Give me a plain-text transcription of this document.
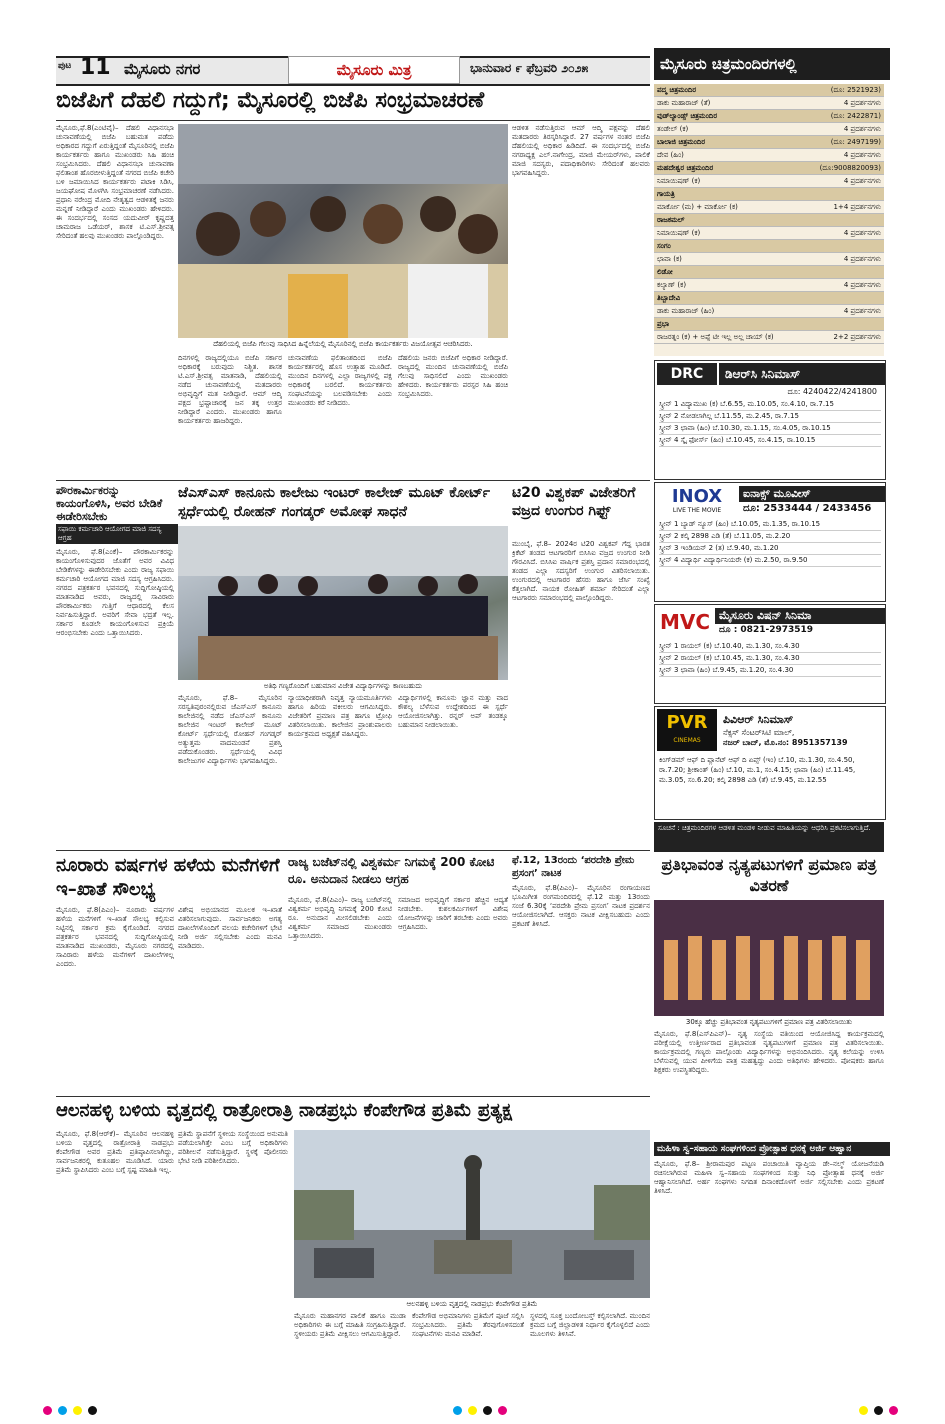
ಪುಟ 11 ಮೈಸೂರು ನಗರ	ಮೈಸೂರು ಮಿತ್ರ	ಭಾನುವಾರ ೯ ಫೆಬ್ರವರಿ ೨೦೨೫	ಮೈಸೂರು ಚಿತ್ರಮಂದಿರಗಳಲ್ಲಿ
ಬಿಜೆಪಿಗೆ ದೆಹಲಿ ಗದ್ದುಗೆ; ಮೈಸೂರಲ್ಲಿ ಬಿಜೆಪಿ ಸಂಭ್ರಮಾಚರಣೆ
ಮೈಸೂರು,ಫೆ.8(ಎಂಟಿವೈ)– ದೆಹಲಿ ವಿಧಾನಸಭಾ ಚುನಾವಣೆಯಲ್ಲಿ ಬಿಜೆಪಿ ಬಹುಮತ ಪಡೆದು ಅಧಿಕಾರದ ಗದ್ದುಗೆ ಏರುತ್ತಿದ್ದಂತೆ ಮೈಸೂರಿನಲ್ಲಿ ಬಿಜೆಪಿ ಕಾರ್ಯಕರ್ತರು ಹಾಗೂ ಮುಖಂಡರು ಸಿಹಿ ಹಂಚಿ ಸಂಭ್ರಮಿಸಿದರು. ದೆಹಲಿ ವಿಧಾನಸಭಾ ಚುನಾವಣಾ ಫಲಿತಾಂಶ ಹೊರಬೀಳುತ್ತಿದ್ದಂತೆ ನಗರದ ಬಿಜೆಪಿ ಕಚೇರಿ ಬಳಿ ಜಮಾಯಿಸಿದ ಕಾರ್ಯಕರ್ತರು ಪಟಾಕಿ ಸಿಡಿಸಿ, ಜಯಘೋಷ ಮೊಳಗಿಸಿ ಸಂಭ್ರಮಾಚರಣೆ ನಡೆಸಿದರು. ಪ್ರಧಾನಿ ನರೇಂದ್ರ ಮೋದಿ ನೇತೃತ್ವದ ಆಡಳಿತಕ್ಕೆ ಜನರು ಮನ್ನಣೆ ನೀಡಿದ್ದಾರೆ ಎಂದು ಮುಖಂಡರು ಹೇಳಿದರು. ಈ ಸಂದರ್ಭದಲ್ಲಿ ಸಂಸದ ಯದುವೀರ್ ಕೃಷ್ಣದತ್ತ ಚಾಮರಾಜ ಒಡೆಯರ್, ಶಾಸಕ ಟಿ.ಎಸ್.ಶ್ರೀವತ್ಸ ಸೇರಿದಂತೆ ಹಲವು ಮುಖಂಡರು ಪಾಲ್ಗೊಂಡಿದ್ದರು.
ದೆಹಲಿಯಲ್ಲಿ ಬಿಜೆಪಿ ಗೆಲುವು ಸಾಧಿಸಿದ ಹಿನ್ನೆಲೆಯಲ್ಲಿ ಮೈಸೂರಿನಲ್ಲಿ ಬಿಜೆಪಿ ಕಾರ್ಯಕರ್ತರು ವಿಜಯೋತ್ಸವ ಆಚರಿಸಿದರು.
ಆಡಳಿತ ನಡೆಸುತ್ತಿರುವ ಆಮ್ ಆದ್ಮಿ ಪಕ್ಷವನ್ನು ದೆಹಲಿ ಮತದಾರರು ತಿರಸ್ಕರಿಸಿದ್ದಾರೆ. 27 ವರ್ಷಗಳ ನಂತರ ಬಿಜೆಪಿ ದೆಹಲಿಯಲ್ಲಿ ಅಧಿಕಾರ ಹಿಡಿದಿದೆ. ಈ ಸಂದರ್ಭದಲ್ಲಿ ಬಿಜೆಪಿ ನಗರಾಧ್ಯಕ್ಷ ಎಲ್.ನಾಗೇಂದ್ರ, ಮಾಜಿ ಮೇಯರ್‌ಗಳು, ಪಾಲಿಕೆ ಮಾಜಿ ಸದಸ್ಯರು, ಪದಾಧಿಕಾರಿಗಳು ಸೇರಿದಂತೆ ಹಲವರು ಭಾಗವಹಿಸಿದ್ದರು.
ದಿನಗಳಲ್ಲಿ ರಾಜ್ಯದಲ್ಲಿಯೂ ಬಿಜೆಪಿ ಸರ್ಕಾರ ಅಧಿಕಾರಕ್ಕೆ ಬರುವುದು ನಿಶ್ಚಿತ. ಶಾಸಕ ಟಿ.ಎಸ್.ಶ್ರೀವತ್ಸ ಮಾತನಾಡಿ, ದೆಹಲಿಯಲ್ಲಿ ನಡೆದ ಚುನಾವಣೆಯಲ್ಲಿ ಮತದಾರರು ಅಭಿವೃದ್ಧಿಗೆ ಮತ ನೀಡಿದ್ದಾರೆ. ಆಮ್ ಆದ್ಮಿ ಪಕ್ಷದ ಭ್ರಷ್ಟಾಚಾರಕ್ಕೆ ಜನ ತಕ್ಕ ಉತ್ತರ ನೀಡಿದ್ದಾರೆ ಎಂದರು. ಮುಖಂಡರು ಹಾಗೂ ಕಾರ್ಯಕರ್ತರು ಹಾಜರಿದ್ದರು.
ಚುನಾವಣೆಯ ಫಲಿತಾಂಶದಿಂದ ಬಿಜೆಪಿ ಕಾರ್ಯಕರ್ತರಲ್ಲಿ ಹೊಸ ಉತ್ಸಾಹ ಮೂಡಿದೆ. ಮುಂದಿನ ದಿನಗಳಲ್ಲಿ ಎಲ್ಲಾ ರಾಜ್ಯಗಳಲ್ಲಿ ಪಕ್ಷ ಅಧಿಕಾರಕ್ಕೆ ಬರಲಿದೆ. ಕಾರ್ಯಕರ್ತರು ಸಂಘಟನೆಯನ್ನು ಬಲಪಡಿಸಬೇಕು ಎಂದು ಮುಖಂಡರು ಕರೆ ನೀಡಿದರು.
ದೆಹಲಿಯ ಜನರು ಬಿಜೆಪಿಗೆ ಅಧಿಕಾರ ನೀಡಿದ್ದಾರೆ. ರಾಜ್ಯದಲ್ಲಿ ಮುಂದಿನ ಚುನಾವಣೆಯಲ್ಲಿ ಬಿಜೆಪಿ ಗೆಲುವು ಸಾಧಿಸಲಿದೆ ಎಂದು ಮುಖಂಡರು ಹೇಳಿದರು. ಕಾರ್ಯಕರ್ತರು ಪರಸ್ಪರ ಸಿಹಿ ಹಂಚಿ ಸಂಭ್ರಮಿಸಿದರು.
ಪೌರಕಾರ್ಮಿಕರನ್ನು ಕಾಯಂಗೊಳಿಸಿ, ಅವರ ಬೇಡಿಕೆ ಈಡೇರಿಸಬೇಕು
ಸಫಾಯಿ ಕರ್ಮಚಾರಿ ಆಯೋಗದ ಮಾಜಿ ಸದಸ್ಯ ಆಗ್ರಹ
ಮೈಸೂರು, ಫೆ.8(ಎಂಕೆ)– ಪೌರಕಾರ್ಮಿಕರನ್ನು ಕಾಯಂಗೊಳಿಸುವುದರ ಜೊತೆಗೆ ಅವರ ವಿವಿಧ ಬೇಡಿಕೆಗಳನ್ನು ಈಡೇರಿಸಬೇಕು ಎಂದು ರಾಜ್ಯ ಸಫಾಯಿ ಕರ್ಮಚಾರಿ ಆಯೋಗದ ಮಾಜಿ ಸದಸ್ಯ ಆಗ್ರಹಿಸಿದರು. ನಗರದ ಪತ್ರಕರ್ತರ ಭವನದಲ್ಲಿ ಸುದ್ದಿಗೋಷ್ಠಿಯಲ್ಲಿ ಮಾತನಾಡಿದ ಅವರು, ರಾಜ್ಯದಲ್ಲಿ ಸಾವಿರಾರು ಪೌರಕಾರ್ಮಿಕರು ಗುತ್ತಿಗೆ ಆಧಾರದಲ್ಲಿ ಕೆಲಸ ನಿರ್ವಹಿಸುತ್ತಿದ್ದಾರೆ. ಅವರಿಗೆ ಸೇವಾ ಭದ್ರತೆ ಇಲ್ಲ. ಸರ್ಕಾರ ಕೂಡಲೇ ಕಾಯಂಗೊಳಿಸುವ ಪ್ರಕ್ರಿಯೆ ಆರಂಭಿಸಬೇಕು ಎಂದು ಒತ್ತಾಯಿಸಿದರು.
ಜೆಎಸ್‌ಎಸ್ ಕಾನೂನು ಕಾಲೇಜು ಇಂಟರ್ ಕಾಲೇಜ್ ಮೂಟ್ ಕೋರ್ಟ್ ಸ್ಪರ್ಧೆಯಲ್ಲಿ ರೋಹನ್ ಗಂಗಡ್ಕರ್ ಅಮೋಘ ಸಾಧನೆ
ಅತಿಥಿ ಗಣ್ಯರೊಂದಿಗೆ ಬಹುಮಾನ ವಿಜೇತ ವಿದ್ಯಾರ್ಥಿಗಳನ್ನು ಕಾಣಬಹುದು
ಮೈಸೂರು, ಫೆ.8– ಮೈಸೂರಿನ ಸರಸ್ವತಿಪುರಂನಲ್ಲಿರುವ ಜೆಎಸ್‌ಎಸ್ ಕಾನೂನು ಕಾಲೇಜಿನಲ್ಲಿ ನಡೆದ ಜೆಎಸ್‌ಎಸ್ ಕಾನೂನು ಕಾಲೇಜಿನ ಇಂಟರ್ ಕಾಲೇಜ್ ಮೂಟ್ ಕೋರ್ಟ್ ಸ್ಪರ್ಧೆಯಲ್ಲಿ ರೋಹನ್ ಗಂಗಡ್ಕರ್ ಅತ್ಯುತ್ತಮ ವಾದಮಂಡನೆ ಪ್ರಶಸ್ತಿ ಪಡೆದುಕೊಂಡರು. ಸ್ಪರ್ಧೆಯಲ್ಲಿ ವಿವಿಧ ಕಾಲೇಜುಗಳ ವಿದ್ಯಾರ್ಥಿಗಳು ಭಾಗವಹಿಸಿದ್ದರು.
ನ್ಯಾಯಾಧೀಶರಾಗಿ ನಿವೃತ್ತ ನ್ಯಾಯಮೂರ್ತಿಗಳು ಹಾಗೂ ಹಿರಿಯ ವಕೀಲರು ಆಗಮಿಸಿದ್ದರು. ವಿಜೇತರಿಗೆ ಪ್ರಮಾಣ ಪತ್ರ ಹಾಗೂ ಟ್ರೋಫಿ ವಿತರಿಸಲಾಯಿತು. ಕಾಲೇಜಿನ ಪ್ರಾಂಶುಪಾಲರು ಕಾರ್ಯಕ್ರಮದ ಅಧ್ಯಕ್ಷತೆ ವಹಿಸಿದ್ದರು.
ವಿದ್ಯಾರ್ಥಿಗಳಲ್ಲಿ ಕಾನೂನು ಜ್ಞಾನ ಮತ್ತು ವಾದ ಕೌಶಲ್ಯ ಬೆಳೆಸುವ ಉದ್ದೇಶದಿಂದ ಈ ಸ್ಪರ್ಧೆ ಆಯೋಜಿಸಲಾಗಿತ್ತು. ರನ್ನರ್ ಅಪ್ ತಂಡಕ್ಕೂ ಬಹುಮಾನ ನೀಡಲಾಯಿತು.
ಟಿ20 ವಿಶ್ವಕಪ್ ವಿಜೇತರಿಗೆ ವಜ್ರದ ಉಂಗುರ ಗಿಫ್ಟ್
ಮುಂಬೈ, ಫೆ.8– 2024ರ ಟಿ20 ವಿಶ್ವಕಪ್ ಗೆದ್ದ ಭಾರತ ಕ್ರಿಕೆಟ್ ತಂಡದ ಆಟಗಾರರಿಗೆ ಬಿಸಿಸಿಐ ವಜ್ರದ ಉಂಗುರ ನೀಡಿ ಗೌರವಿಸಿದೆ. ಬಿಸಿಸಿಐ ವಾರ್ಷಿಕ ಪ್ರಶಸ್ತಿ ಪ್ರದಾನ ಸಮಾರಂಭದಲ್ಲಿ ತಂಡದ ಎಲ್ಲಾ ಸದಸ್ಯರಿಗೆ ಉಂಗುರ ವಿತರಿಸಲಾಯಿತು. ಉಂಗುರದಲ್ಲಿ ಆಟಗಾರರ ಹೆಸರು ಹಾಗೂ ಜೆರ್ಸಿ ಸಂಖ್ಯೆ ಕೆತ್ತಲಾಗಿದೆ. ನಾಯಕ ರೋಹಿತ್ ಶರ್ಮಾ ಸೇರಿದಂತೆ ಎಲ್ಲಾ ಆಟಗಾರರು ಸಮಾರಂಭದಲ್ಲಿ ಪಾಲ್ಗೊಂಡಿದ್ದರು.
ನೂರಾರು ವರ್ಷಗಳ ಹಳೆಯ ಮನೆಗಳಿಗೆ ಇ–ಖಾತೆ ಸೌಲಭ್ಯ
ಮೈಸೂರು, ಫೆ.8(ಪಿಎಂ)– ನೂರಾರು ವರ್ಷಗಳ ಹಳೆಯ ಮನೆಗಳಿಗೆ ಇ–ಖಾತೆ ಸೌಲಭ್ಯ ಕಲ್ಪಿಸುವ ನಿಟ್ಟಿನಲ್ಲಿ ಸರ್ಕಾರ ಕ್ರಮ ಕೈಗೊಂಡಿದೆ. ನಗರದ ಪತ್ರಕರ್ತರ ಭವನದಲ್ಲಿ ಸುದ್ದಿಗೋಷ್ಠಿಯಲ್ಲಿ ಮಾತನಾಡಿದ ಮುಖಂಡರು, ಮೈಸೂರು ನಗರದಲ್ಲಿ ಸಾವಿರಾರು ಹಳೆಯ ಮನೆಗಳಿಗೆ ದಾಖಲೆಗಳಿಲ್ಲ ಎಂದರು.
ವಿಶೇಷ ಅಭಿಯಾನದ ಮೂಲಕ ಇ–ಖಾತೆ ವಿತರಿಸಲಾಗುವುದು. ಸಾರ್ವಜನಿಕರು ಅಗತ್ಯ ದಾಖಲೆಗಳೊಂದಿಗೆ ವಲಯ ಕಚೇರಿಗಳಿಗೆ ಭೇಟಿ ನೀಡಿ ಅರ್ಜಿ ಸಲ್ಲಿಸಬೇಕು ಎಂದು ಮನವಿ ಮಾಡಿದರು.
ರಾಜ್ಯ ಬಜೆಟ್‌ನಲ್ಲಿ ವಿಶ್ವಕರ್ಮ ನಿಗಮಕ್ಕೆ 200 ಕೋಟಿ ರೂ. ಅನುದಾನ ನೀಡಲು ಆಗ್ರಹ
ಮೈಸೂರು, ಫೆ.8(ಪಿಎಂ)– ರಾಜ್ಯ ಬಜೆಟ್‌ನಲ್ಲಿ ವಿಶ್ವಕರ್ಮ ಅಭಿವೃದ್ಧಿ ನಿಗಮಕ್ಕೆ 200 ಕೋಟಿ ರೂ. ಅನುದಾನ ಮೀಸಲಿಡಬೇಕು ಎಂದು ವಿಶ್ವಕರ್ಮ ಸಮಾಜದ ಮುಖಂಡರು ಒತ್ತಾಯಿಸಿದರು.
ಸಮಾಜದ ಅಭಿವೃದ್ಧಿಗೆ ಸರ್ಕಾರ ಹೆಚ್ಚಿನ ಆದ್ಯತೆ ನೀಡಬೇಕು. ಕುಶಲಕರ್ಮಿಗಳಿಗೆ ವಿಶೇಷ ಯೋಜನೆಗಳನ್ನು ಜಾರಿಗೆ ತರಬೇಕು ಎಂದು ಅವರು ಆಗ್ರಹಿಸಿದರು.
ಫೆ.12, 13ರಂದು ‘ಪರದೇಶಿ ಪ್ರೇಮ ಪ್ರಸಂಗ’ ನಾಟಕ
ಮೈಸೂರು, ಫೆ.8(ಪಿಎಂ)– ಮೈಸೂರಿನ ರಂಗಾಯಣದ ಭೂಮಿಗೀತ ರಂಗಮಂದಿರದಲ್ಲಿ ಫೆ.12 ಮತ್ತು 13ರಂದು ಸಂಜೆ 6.30ಕ್ಕೆ ‘ಪರದೇಶಿ ಪ್ರೇಮ ಪ್ರಸಂಗ’ ನಾಟಕ ಪ್ರದರ್ಶನ ಆಯೋಜಿಸಲಾಗಿದೆ. ಆಸಕ್ತರು ನಾಟಕ ವೀಕ್ಷಿಸಬಹುದು ಎಂದು ಪ್ರಕಟಣೆ ತಿಳಿಸಿದೆ.
ಆಲನಹಳ್ಳಿ ಬಳಿಯ ವೃತ್ತದಲ್ಲಿ ರಾತ್ರೋರಾತ್ರಿ ನಾಡಪ್ರಭು ಕೆಂಪೇಗೌಡ ಪ್ರತಿಮೆ ಪ್ರತ್ಯಕ್ಷ
ಮೈಸೂರು, ಫೆ.8(ಆರ್‌ಕೆ)– ಮೈಸೂರಿನ ಆಲನಹಳ್ಳಿ ಬಳಿಯ ವೃತ್ತದಲ್ಲಿ ರಾತ್ರೋರಾತ್ರಿ ನಾಡಪ್ರಭು ಕೆಂಪೇಗೌಡ ಅವರ ಪ್ರತಿಮೆ ಪ್ರತಿಷ್ಠಾಪಿಸಲಾಗಿದ್ದು, ಸಾರ್ವಜನಿಕರಲ್ಲಿ ಕುತೂಹಲ ಮೂಡಿಸಿದೆ. ಯಾರು ಪ್ರತಿಮೆ ಸ್ಥಾಪಿಸಿದರು ಎಂಬ ಬಗ್ಗೆ ಸ್ಪಷ್ಟ ಮಾಹಿತಿ ಇಲ್ಲ.
ಪ್ರತಿಮೆ ಸ್ಥಾಪನೆಗೆ ಸ್ಥಳೀಯ ಸಂಸ್ಥೆಯಿಂದ ಅನುಮತಿ ಪಡೆಯಲಾಗಿತ್ತೇ ಎಂಬ ಬಗ್ಗೆ ಅಧಿಕಾರಿಗಳು ಪರಿಶೀಲನೆ ನಡೆಸುತ್ತಿದ್ದಾರೆ. ಸ್ಥಳಕ್ಕೆ ಪೊಲೀಸರು ಭೇಟಿ ನೀಡಿ ಪರಿಶೀಲಿಸಿದರು.
ಆಲನಹಳ್ಳಿ ಬಳಿಯ ವೃತ್ತದಲ್ಲಿ ನಾಡಪ್ರಭು ಕೆಂಪೇಗೌಡ ಪ್ರತಿಮೆ
ಮೈಸೂರು ಮಹಾನಗರ ಪಾಲಿಕೆ ಹಾಗೂ ಮುಡಾ ಅಧಿಕಾರಿಗಳು ಈ ಬಗ್ಗೆ ಮಾಹಿತಿ ಸಂಗ್ರಹಿಸುತ್ತಿದ್ದಾರೆ. ಸ್ಥಳೀಯರು ಪ್ರತಿಮೆ ವೀಕ್ಷಿಸಲು ಆಗಮಿಸುತ್ತಿದ್ದಾರೆ.
ಕೆಂಪೇಗೌಡ ಅಭಿಮಾನಿಗಳು ಪ್ರತಿಮೆಗೆ ಪೂಜೆ ಸಲ್ಲಿಸಿ ಸಂಭ್ರಮಿಸಿದರು. ಪ್ರತಿಮೆ ತೆರವುಗೊಳಿಸದಂತೆ ಸಂಘಟನೆಗಳು ಮನವಿ ಮಾಡಿವೆ.
ಸ್ಥಳದಲ್ಲಿ ಸೂಕ್ತ ಬಂದೋಬಸ್ತ್ ಕಲ್ಪಿಸಲಾಗಿದೆ. ಮುಂದಿನ ಕ್ರಮದ ಬಗ್ಗೆ ಜಿಲ್ಲಾಡಳಿತ ನಿರ್ಧಾರ ಕೈಗೊಳ್ಳಲಿದೆ ಎಂದು ಮೂಲಗಳು ತಿಳಿಸಿವೆ.
ಪದ್ಮ ಚಿತ್ರಮಂದಿರ	(ದೂ: 2521923)
ಡಾಕು ಮಹಾರಾಜ್ (ತೆ)	4 ಪ್ರದರ್ಶನಗಳು
ವುಡ್‌ಲ್ಯಾಂಡ್ಸ್ ಚಿತ್ರಮಂದಿರ	(ದೂ: 2422871)
ತಂಡೇಲ್ (ಕ)	4 ಪ್ರದರ್ಶನಗಳು
ಬಾಲಾಜಿ ಚಿತ್ರಮಂದಿರ	(ದೂ: 2497199)
ದೇವ (ಹಿಂ)	4 ಪ್ರದರ್ಶನಗಳು
ಮಹದೇಶ್ವರ ಚಿತ್ರಮಂದಿರ	(ದೂ:9008820093)
ನಿಮಾಯಿಷಣ್ (ಕ)	4 ಪ್ರದರ್ಶನಗಳು
ಗಾಯತ್ರಿ	
ಮಾರ್ಕೋ (ಮ) + ಮಾರ್ಕೋ (ಕ)	1+4 ಪ್ರದರ್ಶನಗಳು
ರಾಜಕಮಲ್	
ನಿಮಾಯಿಷಣ್ (ಕ)	4 ಪ್ರದರ್ಶನಗಳು
ಸಂಗಂ	
ಛಾವಾ (ಕ)	4 ಪ್ರದರ್ಶನಗಳು
ಲಿಡೋ	
ಕಲ್ಯಾಣ್ (ಕ)	4 ಪ್ರದರ್ಶನಗಳು
ತಿಬ್ಬಾದೇವಿ	
ಡಾಕು ಮಹಾರಾಜ್ (ಹಿಂ)	4 ಪ್ರದರ್ಶನಗಳು
ಪ್ರಭಾ	
ರಾಜರತ್ನಂ (ಕ) + ಅಪ್ಪೆ ಟೀ ಇಲ್ಲ ಅಲ್ಲ ಚಾಯ್ (ಕ)	2+2 ಪ್ರದರ್ಶನಗಳು
DRC	ಡಿಆರ್‌ಸಿ ಸಿನಿಮಾಸ್
ದೂ: 4240422/4241800
ಸ್ಕ್ರೀನ್ 1 ವಿದ್ಯಾಮುಖ (ಕ) ಬೆ.6.55, ಮ.10.05, ಸಂ.4.10, ರಾ.7.15
ಸ್ಕ್ರೀನ್ 2 ನೋಡಲಾಗಿಲ್ಲ ಬೆ.11.55, ಮ.2.45, ರಾ.7.15
ಸ್ಕ್ರೀನ್ 3 ಛಾವಾ (ಹಿಂ) ಬೆ.10.30, ಮ.1.15, ಸಂ.4.05, ರಾ.10.15
ಸ್ಕ್ರೀನ್ 4 ಸ್ಕೈ ಫೋರ್ಸ್ (ಹಿಂ) ಬೆ.10.45, ಸಂ.4.15, ರಾ.10.15
INOX
LIVE THE MOVIE
ಐನಾಕ್ಸ್ ಮೂವೀಸ್
ದೂ: 2533444 / 2433456
ಸ್ಕ್ರೀನ್ 1 ಬ್ಯಾಡ್ ನ್ಯೂಸ್ (ಹಿಂ) ಬೆ.10.05, ಮ.1.35, ರಾ.10.15
ಸ್ಕ್ರೀನ್ 2 ಕಲ್ಕಿ 2898 ಎಡಿ (ತೆ) ಬೆ.11.05, ಮ.2.20
ಸ್ಕ್ರೀನ್ 3 ಇಂಡಿಯನ್ 2 (ತ) ಬೆ.9.40, ಮ.1.20
ಸ್ಕ್ರೀನ್ 4 ವಿದ್ಯಾರ್ಥಿ ವಿದ್ಯಾರ್ಥಿನಿಯರೇ (ಕ) ಮ.2.50, ರಾ.9.50
MVC ಮೈಸೂರು ವಿಷನ್ ಸಿನಿಮಾ
ದೂ : 0821-2973519
ಸ್ಕ್ರೀನ್ 1 ರಾಯಲ್ (ಕ) ಬೆ.10.40, ಮ.1.30, ಸಂ.4.30
ಸ್ಕ್ರೀನ್ 2 ರಾಯಲ್ (ಕ) ಬೆ.10.45, ಮ.1.30, ಸಂ.4.30
ಸ್ಕ್ರೀನ್ 3 ಛಾವಾ (ಹಿಂ) ಬೆ.9.45, ಮ.1.20, ಸಂ.4.30
PVR
CINEMAS
ಪಿವಿಆರ್ ಸಿನಿಮಾಸ್
ನೆಕ್ಸಸ್ ಸೆಂಟರ್‌ಸಿಟಿ ಮಾಲ್,
ನಜರ್ ಬಾದ್, ಮೊ.ನಂ: 8951357139
ಕಿಂಗ್‌ಡಮ್ ಆಫ್ ದಿ ಪ್ಲಾನೆಟ್ ಆಫ್ ದಿ ಏಪ್ಸ್ (ಇಂ) ಬೆ.10, ಮ.1.30, ಸಂ.4.50, ರಾ.7.20; ಶ್ರೀಕಾಂತ್ (ಹಿಂ) ಬೆ.10, ಮ.1, ಸಂ.4.15; ಛಾವಾ (ಹಿಂ) ಬೆ.11.45, ಮ.3.05, ಸಂ.6.20; ಕಲ್ಕಿ 2898 ಎಡಿ (ತೆ) ಬೆ.9.45, ಮ.12.55
ಸೂಚನೆ : ಚಿತ್ರಮಂದಿರಗಳ ಆಡಳಿತ ಮಂಡಳಿ ನೀಡುವ ಮಾಹಿತಿಯನ್ನು ಆಧರಿಸಿ ಪ್ರಕಟಿಸಲಾಗುತ್ತಿದೆ.
ಪ್ರತಿಭಾವಂತ ನೃತ್ಯಪಟುಗಳಿಗೆ ಪ್ರಮಾಣ ಪತ್ರ ವಿತರಣೆ
30ಕ್ಕೂ ಹೆಚ್ಚು ಪ್ರತಿಭಾವಂತ ನೃತ್ಯಪಟುಗಳಿಗೆ ಪ್ರಮಾಣ ಪತ್ರ ವಿತರಿಸಲಾಯಿತು
ಮೈಸೂರು, ಫೆ.8(ಎಸ್‌ಪಿಎನ್)– ನೃತ್ಯ ಸಂಸ್ಥೆಯ ವತಿಯಿಂದ ಆಯೋಜಿಸಿದ್ದ ಕಾರ್ಯಕ್ರಮದಲ್ಲಿ ಪರೀಕ್ಷೆಯಲ್ಲಿ ಉತ್ತೀರ್ಣರಾದ ಪ್ರತಿಭಾವಂತ ನೃತ್ಯಪಟುಗಳಿಗೆ ಪ್ರಮಾಣ ಪತ್ರ ವಿತರಿಸಲಾಯಿತು. ಕಾರ್ಯಕ್ರಮದಲ್ಲಿ ಗಣ್ಯರು ಪಾಲ್ಗೊಂಡು ವಿದ್ಯಾರ್ಥಿಗಳನ್ನು ಅಭಿನಂದಿಸಿದರು. ನೃತ್ಯ ಕಲೆಯನ್ನು ಉಳಿಸಿ ಬೆಳೆಸುವಲ್ಲಿ ಯುವ ಪೀಳಿಗೆಯ ಪಾತ್ರ ಮಹತ್ವದ್ದು ಎಂದು ಅತಿಥಿಗಳು ಹೇಳಿದರು. ಪೋಷಕರು ಹಾಗೂ ಶಿಕ್ಷಕರು ಉಪಸ್ಥಿತರಿದ್ದರು.
ಮಹಿಳಾ ಸ್ವ–ಸಹಾಯ ಸಂಘಗಳಿಂದ ಪ್ರೋತ್ಸಾಹ ಧನಕ್ಕೆ ಅರ್ಜಿ ಆಹ್ವಾನ
ಮೈಸೂರು, ಫೆ.8– ಶ್ರೀರಾಮಪುರ ಪಟ್ಟಣ ಪಂಚಾಯಿತಿ ವ್ಯಾಪ್ತಿಯ ಡೇ–ನಲ್ಮ್ ಯೋಜನೆಯಡಿ ರಚಿಸಲಾಗಿರುವ ಮಹಿಳಾ ಸ್ವ–ಸಹಾಯ ಸಂಘಗಳಿಂದ ಸುತ್ತು ನಿಧಿ ಪ್ರೋತ್ಸಾಹ ಧನಕ್ಕೆ ಅರ್ಜಿ ಆಹ್ವಾನಿಸಲಾಗಿದೆ. ಅರ್ಹ ಸಂಘಗಳು ನಿಗದಿತ ದಿನಾಂಕದೊಳಗೆ ಅರ್ಜಿ ಸಲ್ಲಿಸಬೇಕು ಎಂದು ಪ್ರಕಟಣೆ ತಿಳಿಸಿದೆ.
